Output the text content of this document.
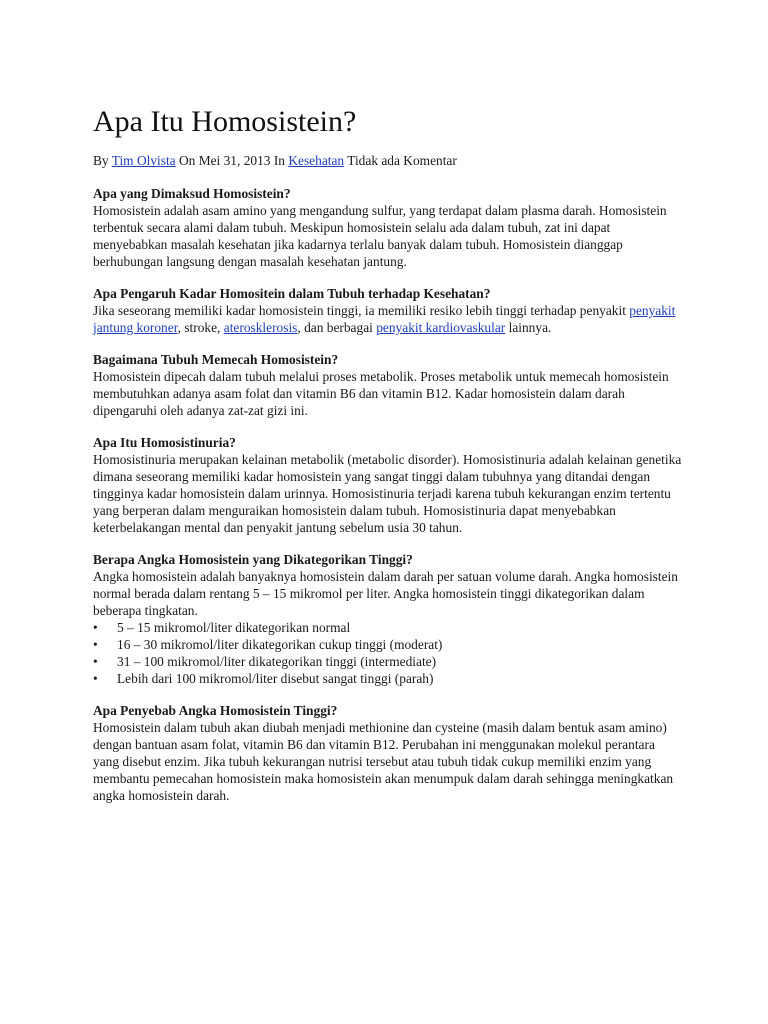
Apa Itu Homosistein?
By Tim Olvista On Mei 31, 2013 In Kesehatan Tidak ada Komentar
Apa yang Dimaksud Homosistein?

Homosistein adalah asam amino yang mengandung sulfur, yang terdapat dalam plasma darah. Homosistein terbentuk secara alami dalam tubuh. Meskipun homosistein selalu ada dalam tubuh, zat ini dapat menyebabkan masalah kesehatan jika kadarnya terlalu banyak dalam tubuh. Homosistein dianggap berhubungan langsung dengan masalah kesehatan jantung.

Apa Pengaruh Kadar Homositein dalam Tubuh terhadap Kesehatan?

Jika seseorang memiliki kadar homosistein tinggi, ia memiliki resiko lebih tinggi terhadap penyakit penyakit jantung koroner, stroke, aterosklerosis, dan berbagai penyakit kardiovaskular lainnya.

Bagaimana Tubuh Memecah Homosistein?

Homosistein dipecah dalam tubuh melalui proses metabolik. Proses metabolik untuk memecah homosistein membutuhkan adanya asam folat dan vitamin B6 dan vitamin B12. Kadar homosistein dalam darah dipengaruhi oleh adanya zat-zat gizi ini.

Apa Itu Homosistinuria?

Homosistinuria merupakan kelainan metabolik (metabolic disorder). Homosistinuria adalah kelainan genetika dimana seseorang memiliki kadar homosistein yang sangat tinggi dalam tubuhnya yang ditandai dengan tingginya kadar homosistein dalam urinnya. Homosistinuria terjadi karena tubuh kekurangan enzim tertentu yang berperan dalam menguraikan homosistein dalam tubuh. Homosistinuria dapat menyebabkan keterbelakangan mental dan penyakit jantung sebelum usia 30 tahun.

Berapa Angka Homosistein yang Dikategorikan Tinggi?

Angka homosistein adalah banyaknya homosistein dalam darah per satuan volume darah. Angka homosistein normal berada dalam rentang 5 – 15 mikromol per liter. Angka homosistein tinggi dikategorikan dalam beberapa tingkatan.

• 5 – 15 mikromol/liter dikategorikan normal
• 16 – 30 mikromol/liter dikategorikan cukup tinggi (moderat)
• 31 – 100 mikromol/liter dikategorikan tinggi (intermediate)
• Lebih dari 100 mikromol/liter disebut sangat tinggi (parah)
Apa Penyebab Angka Homosistein Tinggi?

Homosistein dalam tubuh akan diubah menjadi methionine dan cysteine (masih dalam bentuk asam amino) dengan bantuan asam folat, vitamin B6 dan vitamin B12. Perubahan ini menggunakan molekul perantara yang disebut enzim. Jika tubuh kekurangan nutrisi tersebut atau tubuh tidak cukup memiliki enzim yang membantu pemecahan homosistein maka homosistein akan menumpuk dalam darah sehingga meningkatkan angka homosistein darah.
